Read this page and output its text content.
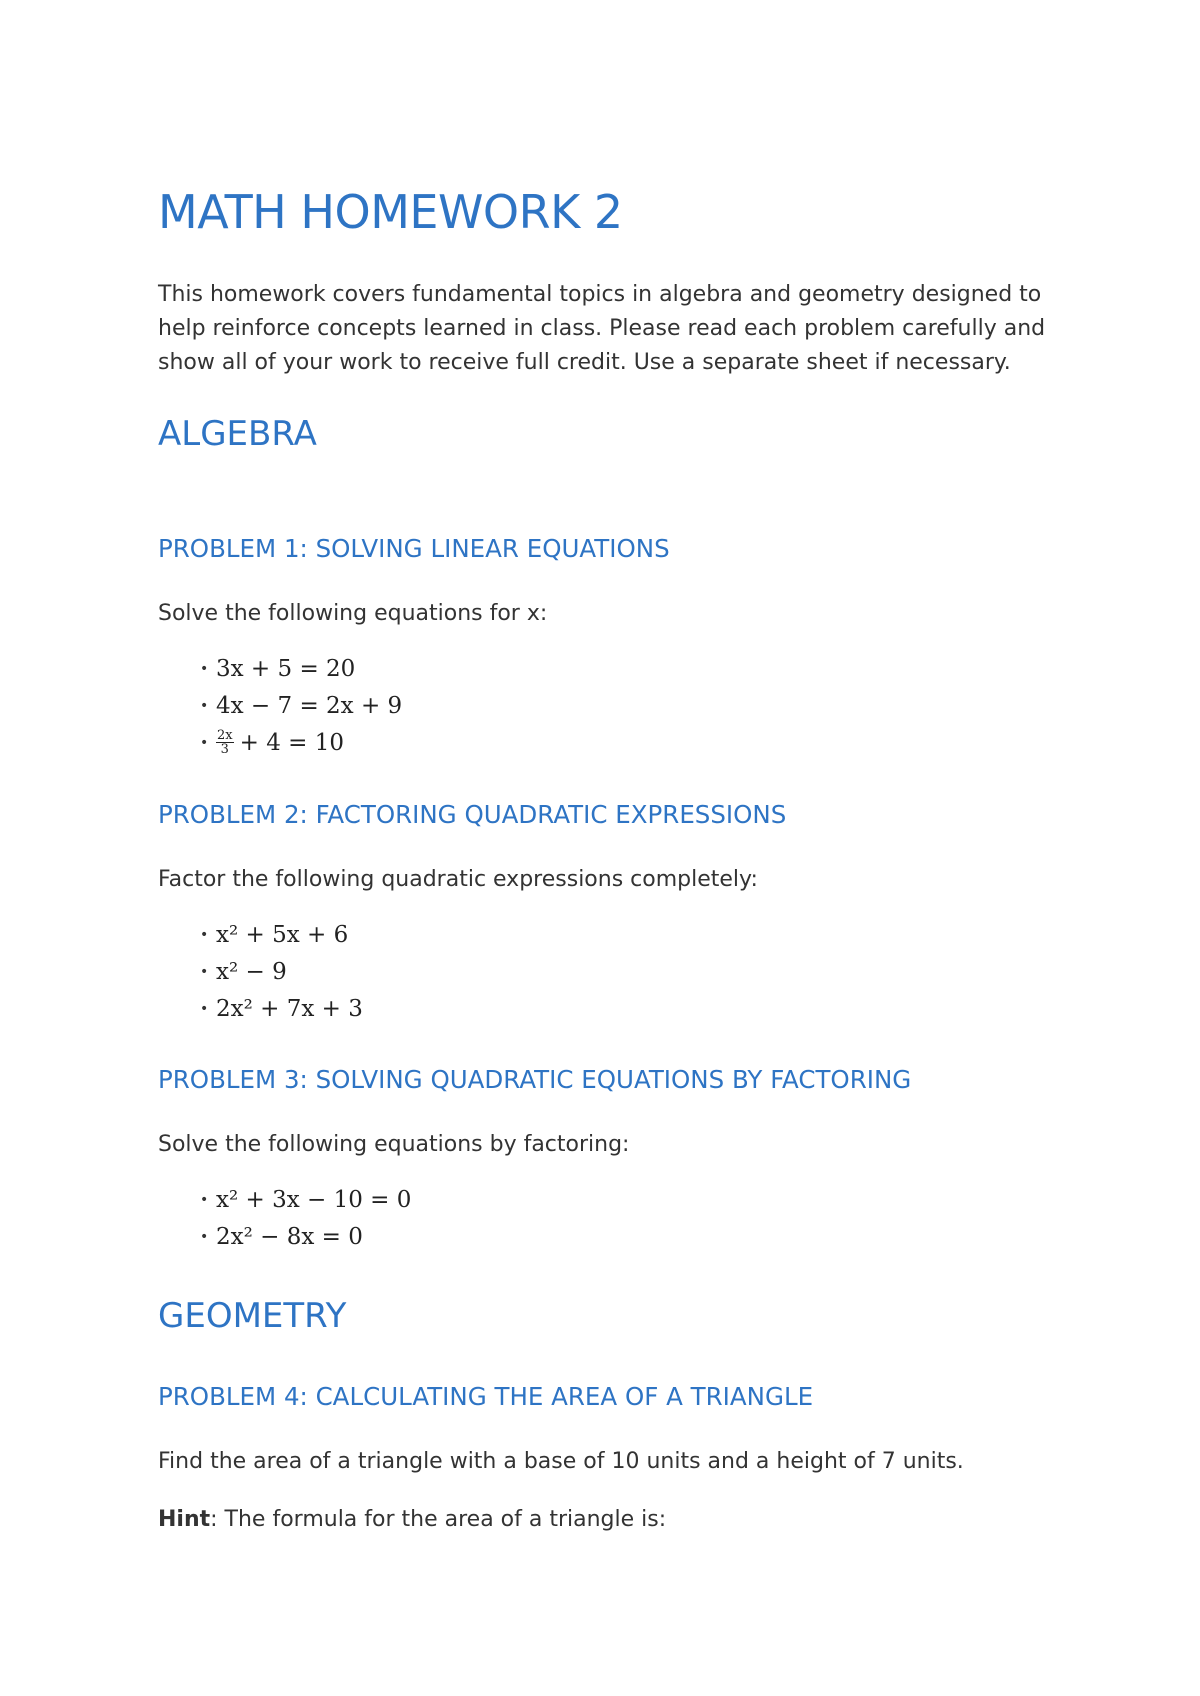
MATH HOMEWORK 2

This homework covers fundamental topics in algebra and geometry designed to help reinforce concepts learned in class. Please read each problem carefully and show all of your work to receive full credit. Use a separate sheet if necessary.

ALGEBRA
PROBLEM 1: SOLVING LINEAR EQUATIONS

Solve the following equations for x:

• 3x + 5 = 20
• 4x − 7 = 2x + 9
• $\frac{2x}{3} + 4 = 10$
PROBLEM 2: FACTORING QUADRATIC EXPRESSIONS

Factor the following quadratic expressions completely:

• x² + 5x + 6
• x² − 9
• 2x² + 7x + 3
PROBLEM 3: SOLVING QUADRATIC EQUATIONS BY FACTORING

Solve the following equations by factoring:

• x² + 3x − 10 = 0
• 2x² − 8x = 0
GEOMETRY
PROBLEM 4: CALCULATING THE AREA OF A TRIANGLE

Find the area of a triangle with a base of 10 units and a height of 7 units.

Hint: The formula for the area of a triangle is:
